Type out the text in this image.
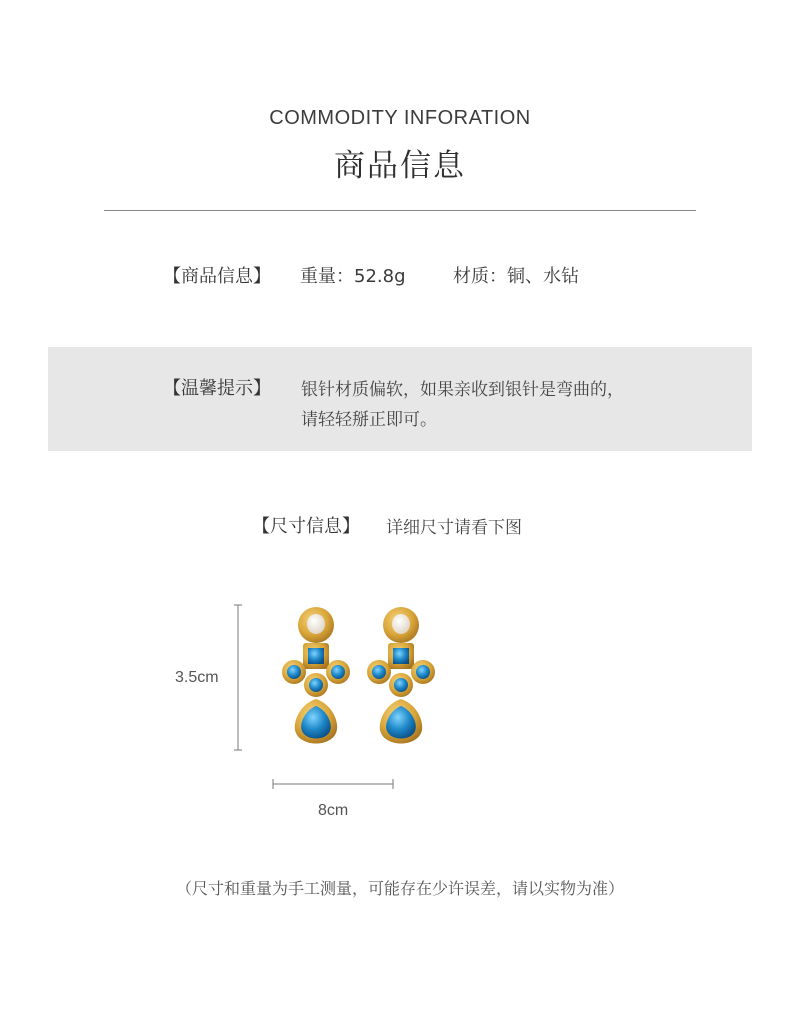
COMMODITY INFORATION
商品信息
【商品信息】 重量：52.8g	材质：铜、水钻
【温馨提示】 银针材质偏软，如果亲收到银针是弯曲的，
请轻轻掰正即可。
【尺寸信息】 详细尺寸请看下图
3.5cm
8cm
（尺寸和重量为手工测量，可能存在少许误差，请以实物为准）
